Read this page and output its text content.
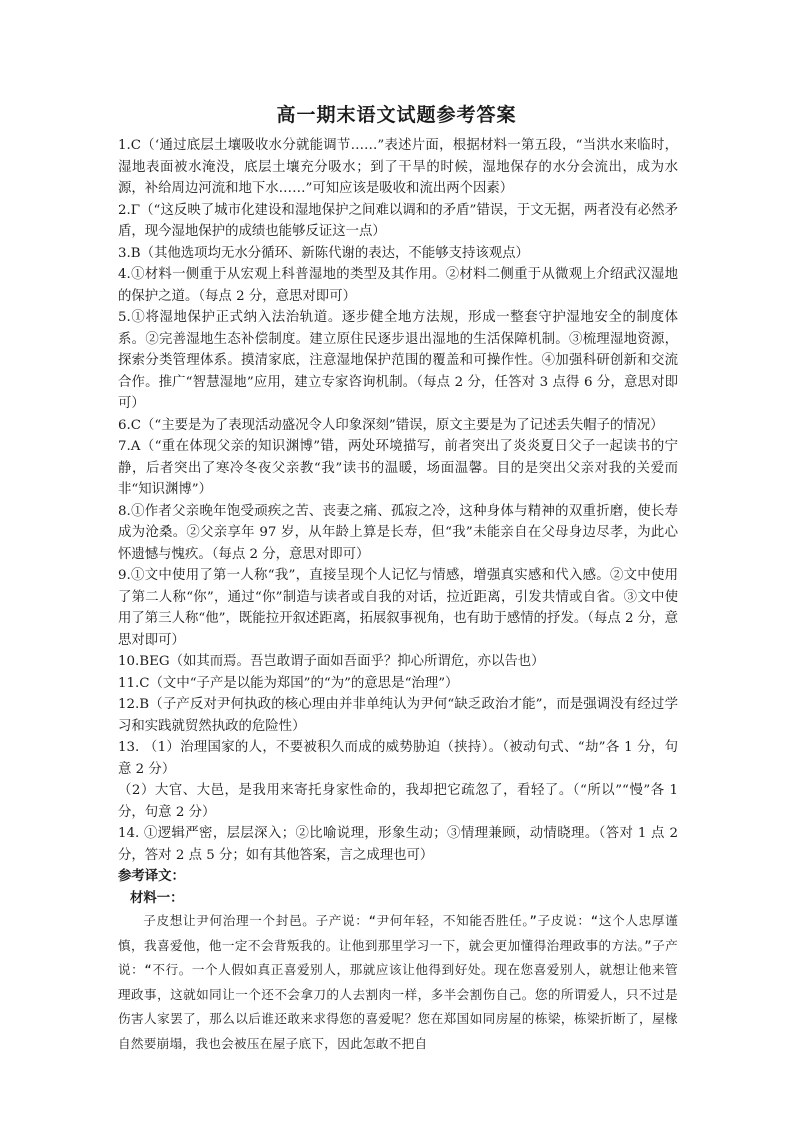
高一期末语文试题参考答案

1.C（‘通过底层土壤吸收水分就能调节……”表述片面，根据材料一第五段，“当洪水来临时，湿地表面被水淹没，底层土壤充分吸水；到了干旱的时候，湿地保存的水分会流出，成为水源，补给周边河流和地下水……”可知应该是吸收和流出两个因素）

2.Γ（“这反映了城市化建设和湿地保护之间难以调和的矛盾”错误，于文无据，两者没有必然矛盾，现今湿地保护的成绩也能够反证这一点）

3.B（其他选项均无水分循环、新陈代谢的表达，不能够支持该观点）

4.①材料一侧重于从宏观上科普湿地的类型及其作用。②材料二侧重于从微观上介绍武汉湿地的保护之道。（每点 2 分，意思对即可）

5.①将湿地保护正式纳入法治轨道。逐步健全地方法规，形成一整套守护湿地安全的制度体系。②完善湿地生态补偿制度。建立原住民逐步退出湿地的生活保障机制。③梳理湿地资源，探索分类管理体系。摸清家底，注意湿地保护范围的覆盖和可操作性。④加强科研创新和交流合作。推广“智慧湿地”应用，建立专家咨询机制。（每点 2 分，任答对 3 点得 6 分，意思对即可）

6.C（“主要是为了表现活动盛况令人印象深刻”错误，原文主要是为了记述丢失帽子的情况）

7.A（“重在体现父亲的知识渊博”错，两处环境描写，前者突出了炎炎夏日父子一起读书的宁静，后者突出了寒冷冬夜父亲教“我”读书的温暖，场面温馨。目的是突出父亲对我的关爱而非“知识渊博”）

8.①作者父亲晚年饱受顽疾之苦、丧妻之痛、孤寂之冷，这种身体与精神的双重折磨，使长寿成为沧桑。②父亲享年 97 岁，从年龄上算是长寿，但“我”未能亲自在父母身边尽孝，为此心怀遗憾与愧疚。（每点 2 分，意思对即可）

9.①文中使用了第一人称“我”，直接呈现个人记忆与情感，增强真实感和代入感。②文中使用了第二人称“你”，通过“你”制造与读者或自我的对话，拉近距离，引发共情或自省。③文中使用了第三人称“他”，既能拉开叙述距离，拓展叙事视角，也有助于感情的抒发。（每点 2 分，意思对即可）

10.BEG（如其而焉。吾岂敢谓子面如吾面乎？抑心所谓危，亦以告也）

11.C（文中“子产是以能为郑国”的“为”的意思是“治理”）

12.B（子产反对尹何执政的核心理由并非单纯认为尹何“缺乏政治才能”，而是强调没有经过学习和实践就贸然执政的危险性）

13. （1）治理国家的人，不要被积久而成的威势胁迫（挟持）。（被动句式、“劫”各 1 分，句意 2 分）

（2）大官、大邑，是我用来寄托身家性命的，我却把它疏忽了，看轻了。（“所以”“慢”各 1 分，句意 2 分）

14. ①逻辑严密，层层深入；②比喻说理，形象生动；③情理兼顾，动情晓理。（答对 1 点 2 分，答对 2 点 5 分；如有其他答案，言之成理也可）

参考译文：
材料一：

子皮想让尹何治理一个封邑。子产说：“尹何年轻，不知能否胜任。”子皮说：“这个人忠厚谨慎，我喜爱他，他一定不会背叛我的。让他到那里学习一下，就会更加懂得治理政事的方法。”子产说：“不行。一个人假如真正喜爱别人，那就应该让他得到好处。现在您喜爱别人，就想让他来管理政事，这就如同让一个还不会拿刀的人去割肉一样，多半会割伤自己。您的所谓爱人，只不过是伤害人家罢了，那么以后谁还敢来求得您的喜爱呢？您在郑国如同房屋的栋梁，栋梁折断了，屋椽自然要崩塌，我也会被压在屋子底下，因此怎敢不把自
